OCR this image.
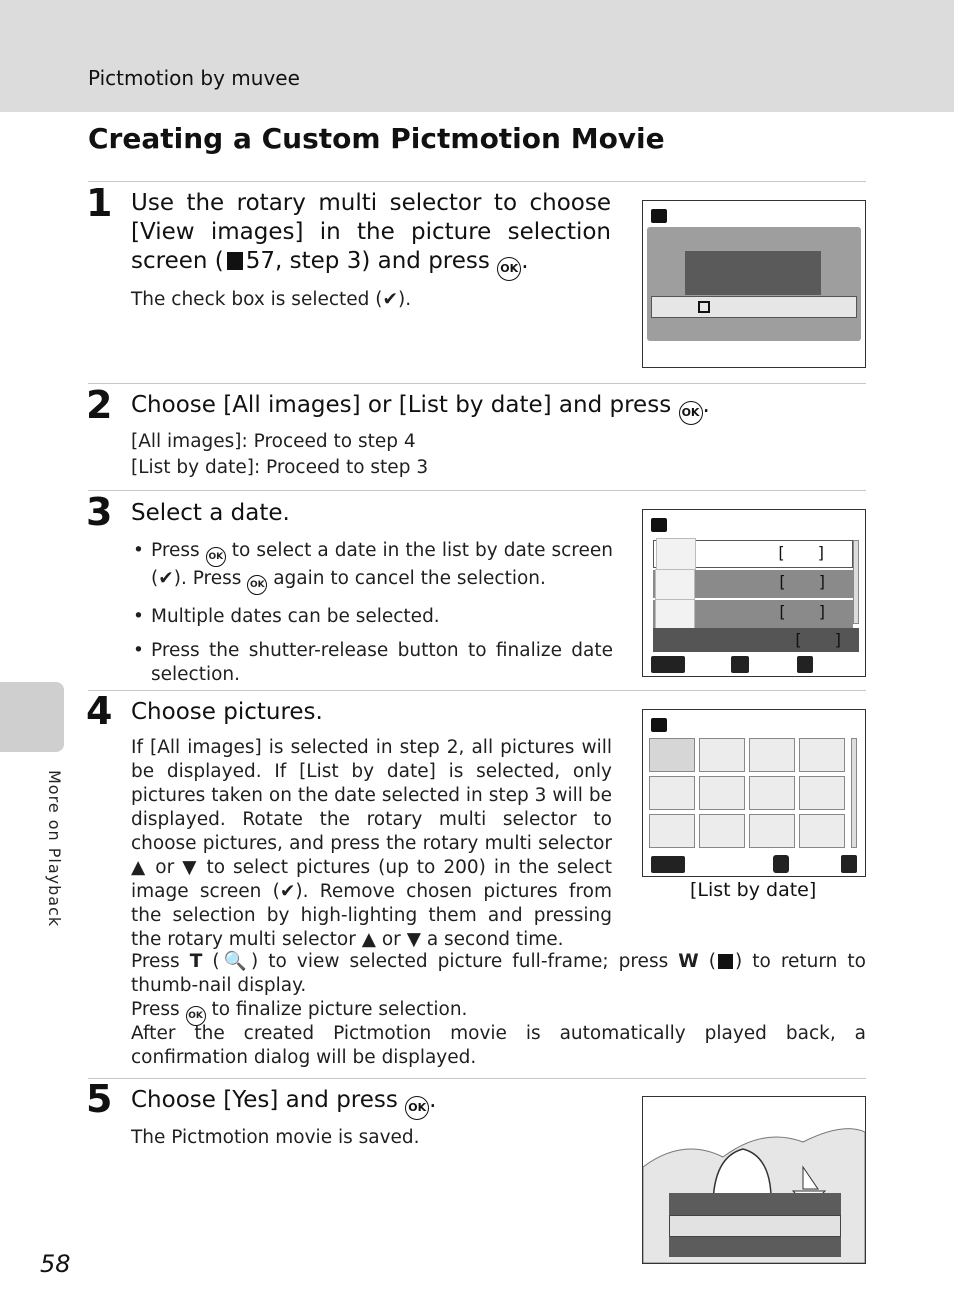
Pictmotion by muvee
Creating a Custom Pictmotion Movie
More on Playback
58
1 Use the rotary multi selector to choose [View images] in the picture selection screen ( 57, step 3) and press OK .
The check box is selected (✔).
2 Choose [All images] or [List by date] and press OK .
[All images]: Proceed to step 4
[List by date]: Proceed to step 3
3 Select a date.
• Press OK to select a date in the list by date screen (✔). Press OK again to cancel the selection.
• Multiple dates can be selected.
• Press the shutter-release button to finalize date selection.
[ ]
[ ]
[ ]
[ ]
4 Choose pictures.
If [All images] is selected in step 2, all pictures will be displayed. If [List by date] is selected, only pictures taken on the date selected in step 3 will be displayed. Rotate the rotary multi selector to choose pictures, and press the rotary multi selector ▲ or ▼ to select pictures (up to 200) in the select image screen (✔). Remove chosen pictures from the selection by high-lighting them and pressing the rotary multi selector ▲ or ▼ a second time.
Press T (🔍) to view selected picture full-frame; press W ( ) to return to thumb-nail display.
Press OK to finalize picture selection.
After the created Pictmotion movie is automatically played back, a confirmation dialog will be displayed.
[List by date]
5 Choose [Yes] and press OK .
The Pictmotion movie is saved.
